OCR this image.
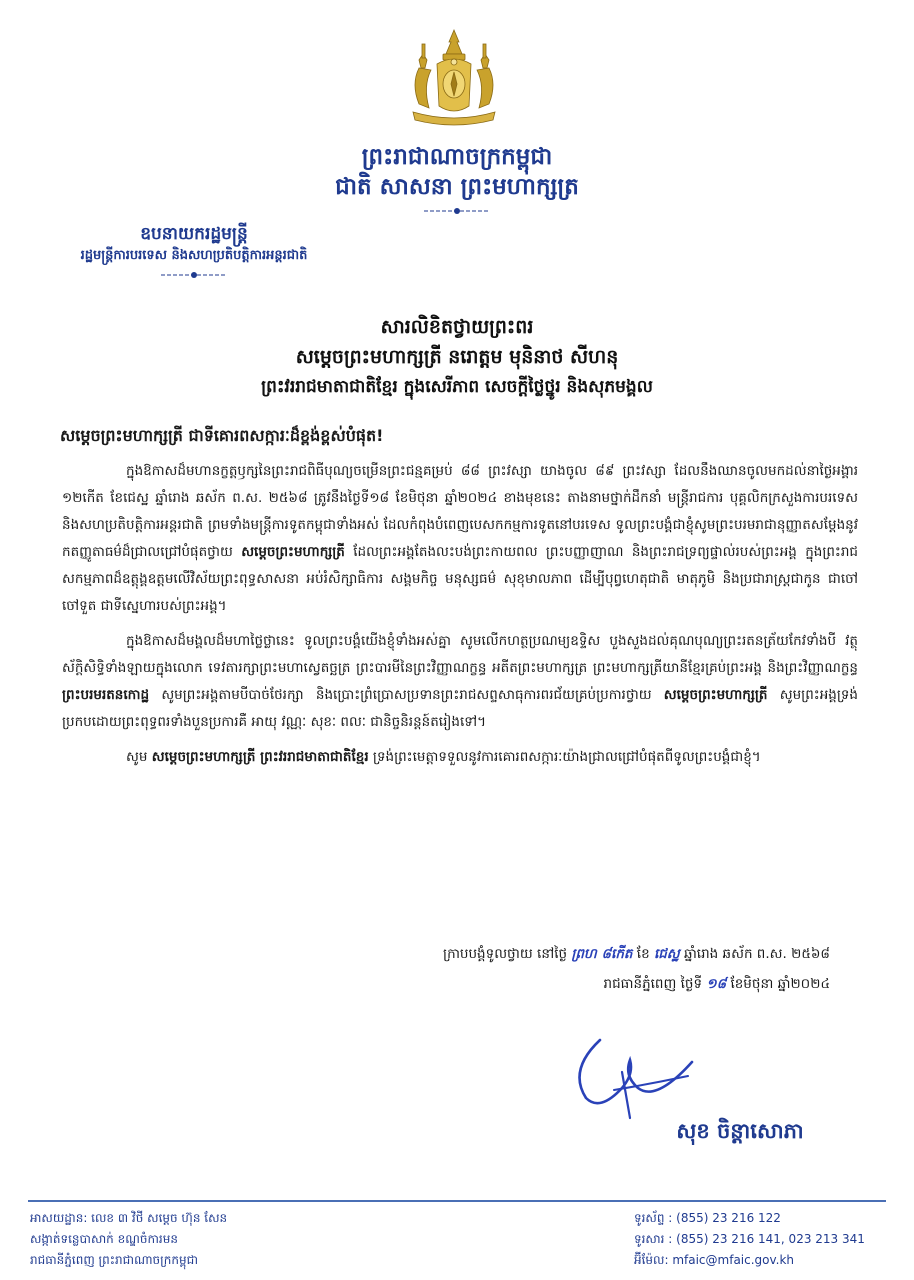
ព្រះរាជាណាចក្រកម្ពុជា
ជាតិ សាសនា ព្រះមហាក្សត្រ
ឧបនាយករដ្ឋមន្ត្រី
រដ្ឋមន្ត្រីការបរទេស និងសហប្រតិបត្តិការអន្តរជាតិ
សារលិខិតថ្វាយព្រះពរ
សម្តេចព្រះមហាក្សត្រី នរោត្តម មុនិនាថ សីហនុ
ព្រះវររាជមាតាជាតិខ្មែរ ក្នុងសេរីភាព សេចក្តីថ្លៃថ្នូរ និងសុភមង្គល
សម្តេចព្រះមហាក្សត្រី ជាទីគោរពសក្ការៈដ៏ខ្ពង់ខ្ពស់បំផុត!

ក្នុងឱកាសដ៏មហានក្ខត្តឫក្សនៃព្រះរាជពិធីបុណ្យចម្រើនព្រះជន្មគម្រប់ ៨៨ ព្រះវស្សា យាងចូល ៨៩ ព្រះវស្សា ដែលនឹងឈានចូលមកដល់នាថ្ងៃអង្គារ ១២កើត ខែជេស្ឋ ឆ្នាំរោង ឆស័ក ព.ស. ២៥៦៨ ត្រូវនឹងថ្ងៃទី១៨ ខែមិថុនា ឆ្នាំ២០២៤ ខាងមុខនេះ តាងនាមថ្នាក់ដឹកនាំ មន្ត្រីរាជការ បុគ្គលិកក្រសួងការបរទេស និងសហប្រតិបត្តិការអន្តរជាតិ ព្រមទាំងមន្ត្រីការទូតកម្ពុជាទាំងអស់ ដែលកំពុងបំពេញបេសកកម្មការទូតនៅបរទេស ទូលព្រះបង្គំជាខ្ញុំសូមព្រះបរមរាជានុញ្ញាតសម្តែងនូវកតញ្ញូតាធម៌ដ៏ជ្រាលជ្រៅបំផុតថ្វាយ សម្តេចព្រះមហាក្សត្រី ដែលព្រះអង្គតែងលះបង់ព្រះកាយពល ព្រះបញ្ញាញាណ និងព្រះរាជទ្រព្យផ្ទាល់របស់ព្រះអង្គ ក្នុងព្រះរាជសកម្មភាពដ៏ឧត្តុង្គឧត្តមលើវិស័យព្រះពុទ្ធសាសនា អប់រំសិក្សាធិការ សង្គមកិច្ច មនុស្សធម៌ សុខុមាលភាព ដើម្បីបុព្វហេតុជាតិ មាតុភូមិ និងប្រជារាស្ត្រជាកូន ជាចៅ ចៅទួត ជាទីស្នេហារបស់ព្រះអង្គ។

ក្នុងឱកាសដ៏មង្គលដ៏មហាថ្លៃថ្លានេះ ទូលព្រះបង្គំយើងខ្ញុំទាំងអស់គ្នា សូមលើកហត្ថប្រណម្យឧទ្ទិស បួងសួងដល់គុណបុណ្យព្រះរតនត្រ័យកែវទាំងបី វត្ថុស័ក្តិសិទ្ធិទាំងឡាយក្នុងលោក ទេវតារក្សាព្រះមហាស្វេតច្ឆត្រ ព្រះបារមីនៃព្រះវិញ្ញាណក្ខន្ធ អតីតព្រះមហាក្សត្រ ព្រះមហាក្សត្រីយានីខ្មែរគ្រប់ព្រះអង្គ និងព្រះវិញ្ញាណក្ខន្ធ ព្រះបរមរតនកោដ្ឋ សូមព្រះអង្គតាមបីបាច់ថែរក្សា និងប្រោះព្រំប្រោសប្រទានព្រះរាជសព្ទសាធុការពរជ័យគ្រប់ប្រការថ្វាយ សម្តេចព្រះមហាក្សត្រី សូមព្រះអង្គទ្រង់ប្រកបដោយព្រះពុទ្ធពរទាំងបួនប្រការគឺ អាយុ វណ្ណៈ សុខៈ ពលៈ ជានិច្ចនិរន្តន៍តរៀងទៅ។

សូម សម្តេចព្រះមហាក្សត្រី ព្រះវររាជមាតាជាតិខ្មែរ ទ្រង់ព្រះមេត្តាទទួលនូវការគោរពសក្ការៈយ៉ាងជ្រាលជ្រៅបំផុតពីទូលព្រះបង្គំជាខ្ញុំ។

ក្រាបបង្គំទូលថ្វាយ នៅថ្ងៃ ព្រហ ៨កើត ខែ ជេស្ឋ ឆ្នាំរោង ឆស័ក ព.ស. ២៥៦៨
រាជធានីភ្នំពេញ ថ្ងៃទី ១៨ ខែមិថុនា ឆ្នាំ២០២៤
សុខ ចិន្តាសោភា
អាសយដ្ឋាន: លេខ ៣ វិថី សម្តេច ហ៊ុន សែន
សង្កាត់ទន្លេបាសាក់ ខណ្ឌចំការមន
រាជធានីភ្នំពេញ ព្រះរាជាណាចក្រកម្ពុជា
ទូរស័ព្ទ : (855) 23 216 122
ទូរសារ : (855) 23 216 141, 023 213 341
អ៊ីម៉ែល: mfaic@mfaic.gov.kh
